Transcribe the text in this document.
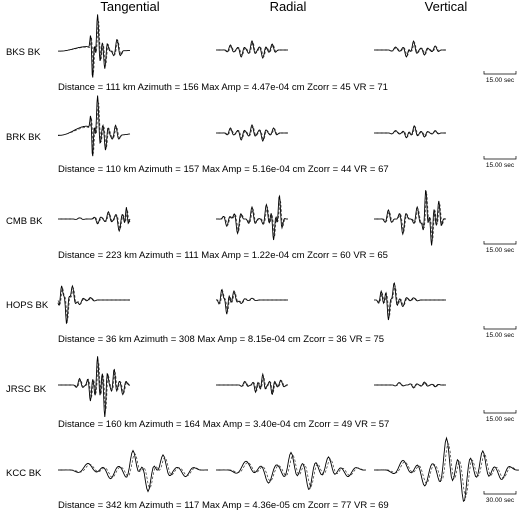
Tangential	Radial	Vertical
BKS BK
Distance = 111 km Azimuth = 156 Max Amp = 4.47e-04 cm Zcorr = 45 VR = 71
15.00 sec
BRK BK
Distance = 110 km Azimuth = 157 Max Amp = 5.16e-04 cm Zcorr = 44 VR = 67	15.00 sec
CMB BK
Distance = 223 km Azimuth = 111 Max Amp = 1.22e-04 cm Zcorr = 60 VR = 65	15.00 sec
HOPS BK
Distance = 36 km Azimuth = 308 Max Amp = 8.15e-04 cm Zcorr = 36 VR = 75	15.00 sec
JRSC BK
Distance = 160 km Azimuth = 164 Max Amp = 3.40e-04 cm Zcorr = 49 VR = 57	15.00 sec
KCC BK
Distance = 342 km Azimuth = 117 Max Amp = 4.36e-05 cm Zcorr = 77 VR = 69	30.00 sec
